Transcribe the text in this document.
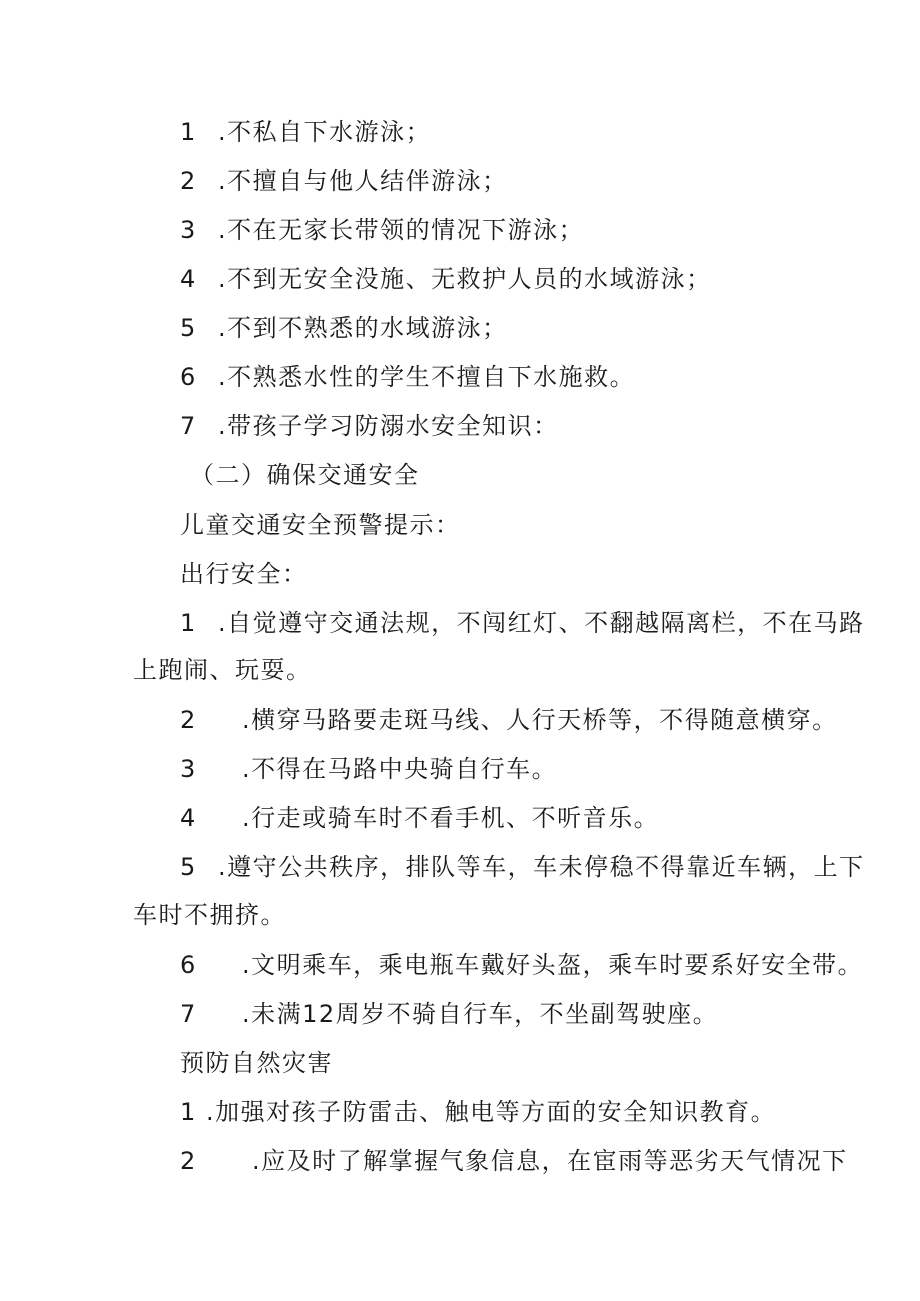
1 .不私自下水游泳；
2 .不擅自与他人结伴游泳；
3 .不在无家长带领的情况下游泳；
4 .不到无安全没施、无救护人员的水域游泳；
5 .不到不熟悉的水域游泳；
6 .不熟悉水性的学生不擅自下水施救。
7 .带孩子学习防溺水安全知识：
（二）确保交通安全
儿童交通安全预警提示：
出行安全：
1 .自觉遵守交通法规，不闯红灯、不翻越隔离栏，不在马路
上跑闹、玩耍。
2 .横穿马路要走斑马线、人行天桥等，不得随意横穿。
3 .不得在马路中央骑自行车。
4 .行走或骑车时不看手机、不听音乐。
5 .遵守公共秩序，排队等车，车未停稳不得靠近车辆，上下
车时不拥挤。
6 .文明乘车，乘电瓶车戴好头盔，乘车时要系好安全带。
7 .未满12周岁不骑自行车，不坐副驾驶座。
预防自然灾害
1 .加强对孩子防雷击、触电等方面的安全知识教育。
2 .应及时了解掌握气象信息，在宦雨等恶劣天气情况下
